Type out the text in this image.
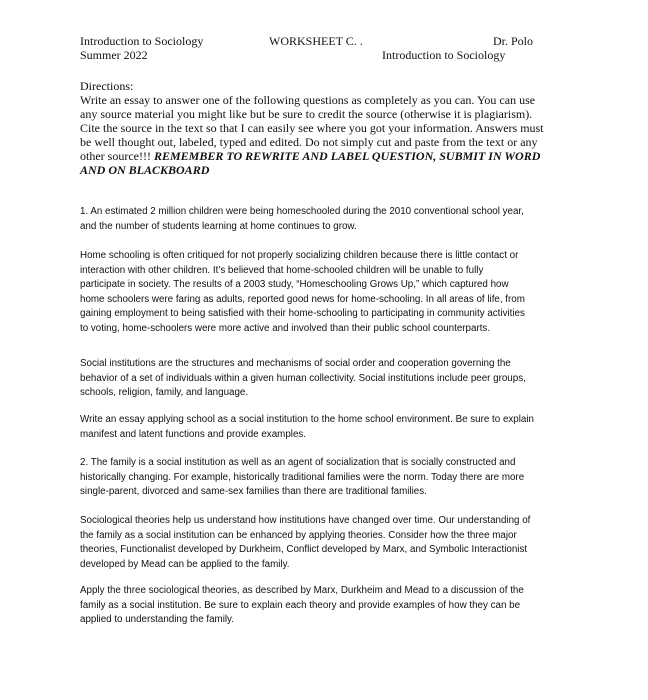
Introduction to Sociology	WORKSHEET C. .	Dr. Polo
Summer 2022	Introduction to Sociology
Directions:
Write an essay to answer one of the following questions as completely as you can. You can use
any source material you might like but be sure to credit the source (otherwise it is plagiarism).
Cite the source in the text so that I can easily see where you got your information. Answers must
be well thought out, labeled, typed and edited. Do not simply cut and paste from the text or any
other source!!! REMEMBER TO REWRITE AND LABEL QUESTION, SUBMIT IN WORD
AND ON BLACKBOARD
1. An estimated 2 million children were being homeschooled during the 2010 conventional school year,
and the number of students learning at home continues to grow.
Home schooling is often critiqued for not properly socializing children because there is little contact or
interaction with other children. It’s believed that home-schooled children will be unable to fully
participate in society. The results of a 2003 study, “Homeschooling Grows Up,” which captured how
home schoolers were faring as adults, reported good news for home-schooling. In all areas of life, from
gaining employment to being satisfied with their home-schooling to participating in community activities
to voting, home-schoolers were more active and involved than their public school counterparts.
Social institutions are the structures and mechanisms of social order and cooperation governing the
behavior of a set of individuals within a given human collectivity. Social institutions include peer groups,
schools, religion, family, and language.
Write an essay applying school as a social institution to the home school environment. Be sure to explain
manifest and latent functions and provide examples.
2. The family is a social institution as well as an agent of socialization that is socially constructed and
historically changing. For example, historically traditional families were the norm. Today there are more
single-parent, divorced and same-sex families than there are traditional families.
Sociological theories help us understand how institutions have changed over time. Our understanding of
the family as a social institution can be enhanced by applying theories. Consider how the three major
theories, Functionalist developed by Durkheim, Conflict developed by Marx, and Symbolic Interactionist
developed by Mead can be applied to the family.
Apply the three sociological theories, as described by Marx, Durkheim and Mead to a discussion of the
family as a social institution. Be sure to explain each theory and provide examples of how they can be
applied to understanding the family.
